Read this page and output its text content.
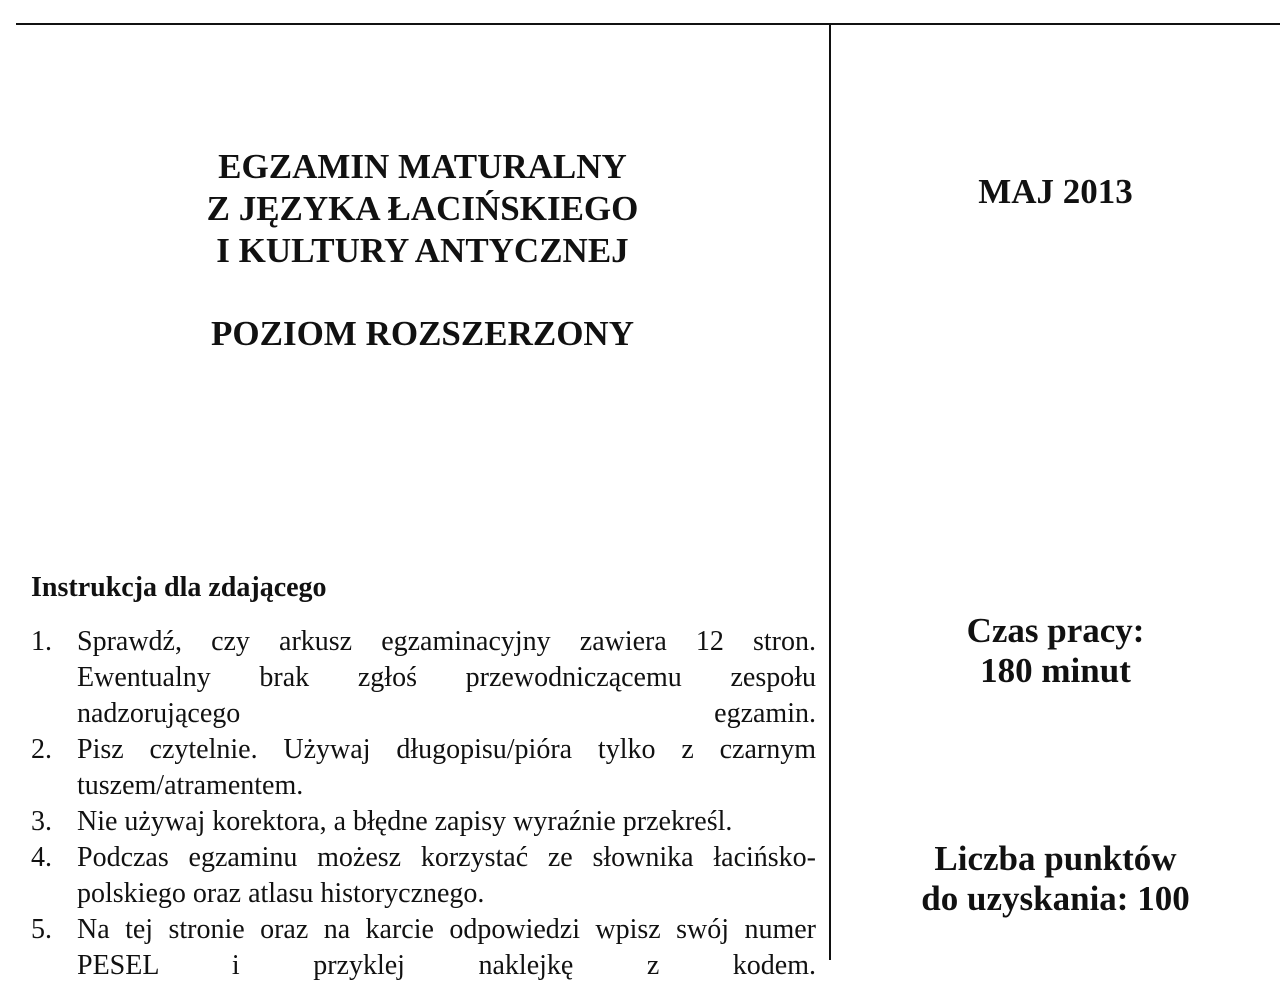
EGZAMIN MATURALNY
Z JĘZYKA ŁACIŃSKIEGO
I KULTURY ANTYCZNEJ
POZIOM ROZSZERZONY
Instrukcja dla zdającego
1. Sprawdź, czy arkusz egzaminacyjny zawiera 12 stron. Ewentualny brak zgłoś przewodniczącemu zespołu nadzorującego egzamin.
2. Pisz czytelnie. Używaj długopisu/pióra tylko z czarnym tuszem/atramentem.
3. Nie używaj korektora, a błędne zapisy wyraźnie przekreśl.
4. Podczas egzaminu możesz korzystać ze słownika łacińsko-polskiego oraz atlasu historycznego.
5. Na tej stronie oraz na karcie odpowiedzi wpisz swój numer PESEL i przyklej naklejkę z kodem.
MAJ 2013
Czas pracy:
180 minut
Liczba punktów
do uzyskania: 100
